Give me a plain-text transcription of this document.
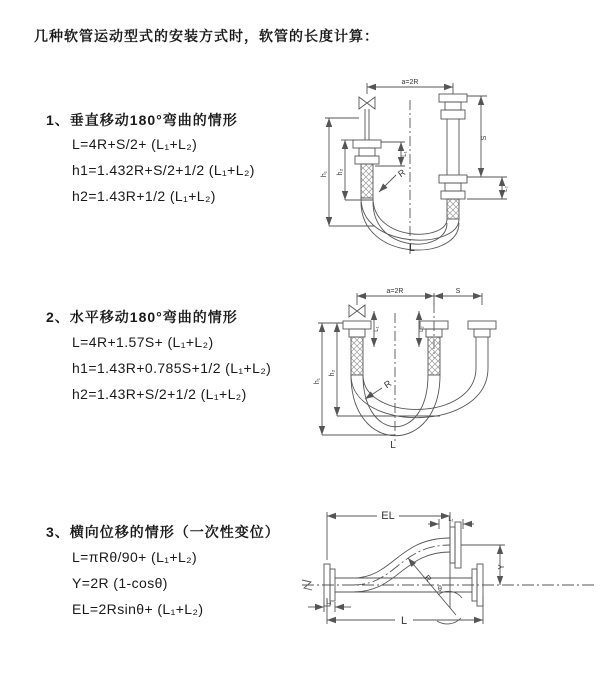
几种软管运动型式的安装方式时，软管的长度计算：
1、垂直移动180°弯曲的情形
L=4R+S/2+ (L₁+L₂)
h1=1.432R+S/2+1/2 (L₁+L₂)
h2=1.43R+1/2 (L₁+L₂)
2、水平移动180°弯曲的情形
L=4R+1.57S+ (L₁+L₂)
h1=1.43R+0.785S+1/2 (L₁+L₂)
h2=1.43R+S/2+1/2 (L₁+L₂)
3、横向位移的情形（一次性变位）
L=πRθ/90+ (L₁+L₂)
Y=2R (1-cosθ)
EL=2Rsinθ+ (L₁+L₂)
a=2R
S
L₂
L₁
h₁ h₂	R
L
a=2R	S
h₁
h₂
L₁	L₂
R
L
EL	L₁
Y
R
θ
L
L₁
